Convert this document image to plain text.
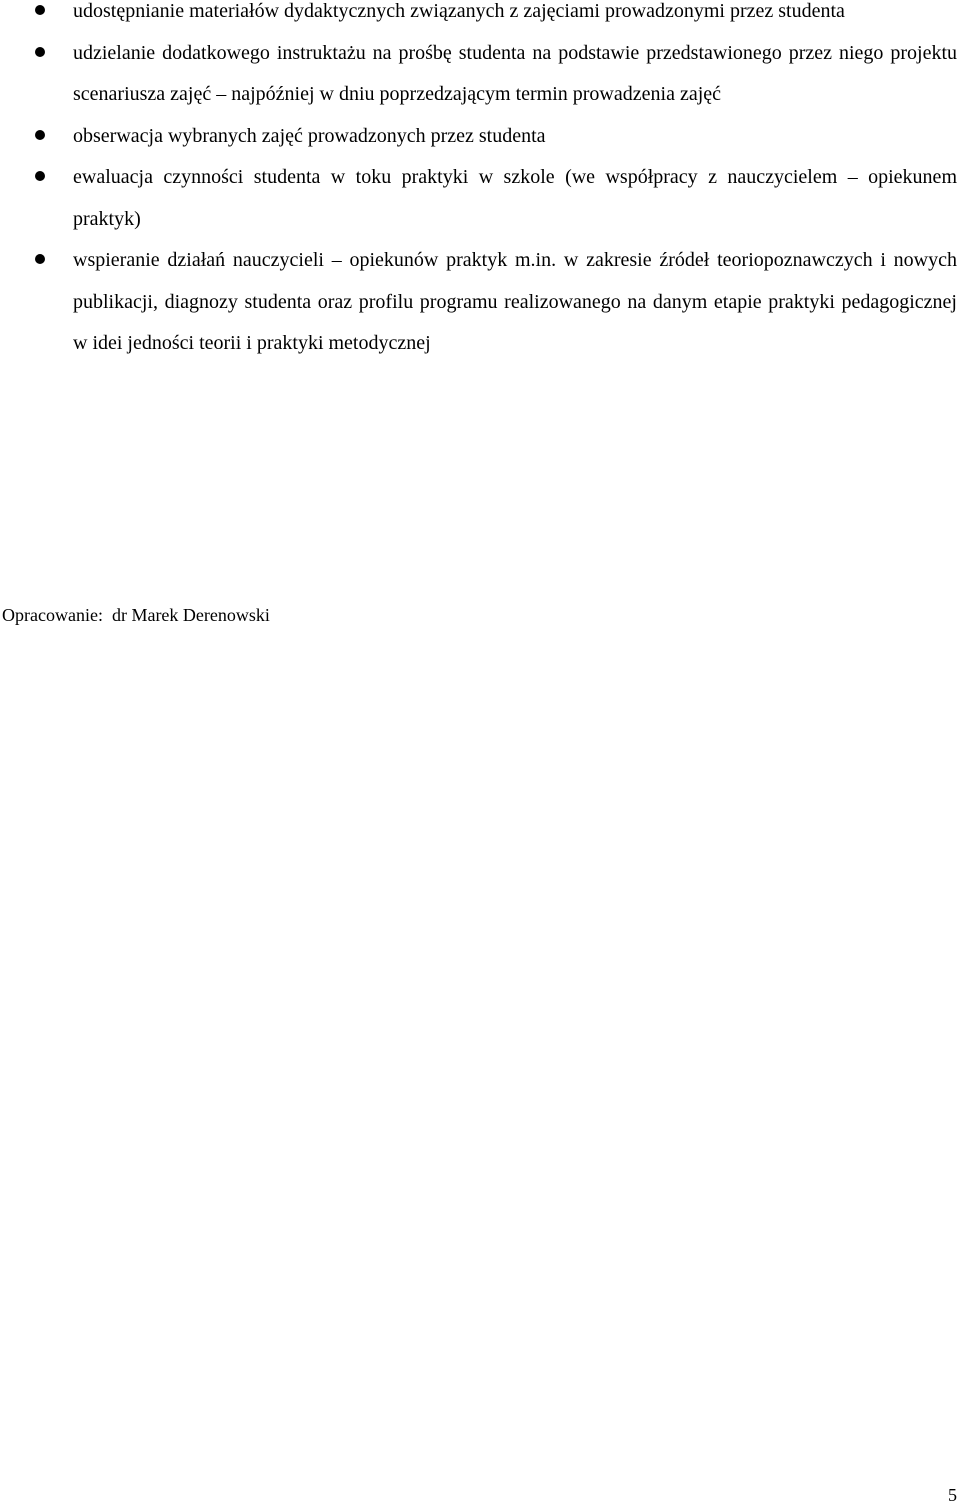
udostępnianie materiałów dydaktycznych związanych z zajęciami prowadzonymi przez studenta
udzielanie dodatkowego instruktażu na prośbę studenta na podstawie przedstawionego przez niego projektu scenariusza zajęć – najpóźniej w dniu poprzedzającym termin prowadzenia zajęć
obserwacja wybranych zajęć prowadzonych przez studenta
ewaluacja czynności studenta w toku praktyki w szkole (we współpracy z nauczycielem – opiekunem praktyk)
wspieranie działań nauczycieli – opiekunów praktyk m.in. w zakresie źródeł teoriopoznawczych i nowych publikacji, diagnozy studenta oraz profilu programu realizowanego na danym etapie praktyki pedagogicznej w idei jedności teorii i praktyki metodycznej
Opracowanie: dr Marek Derenowski
5
